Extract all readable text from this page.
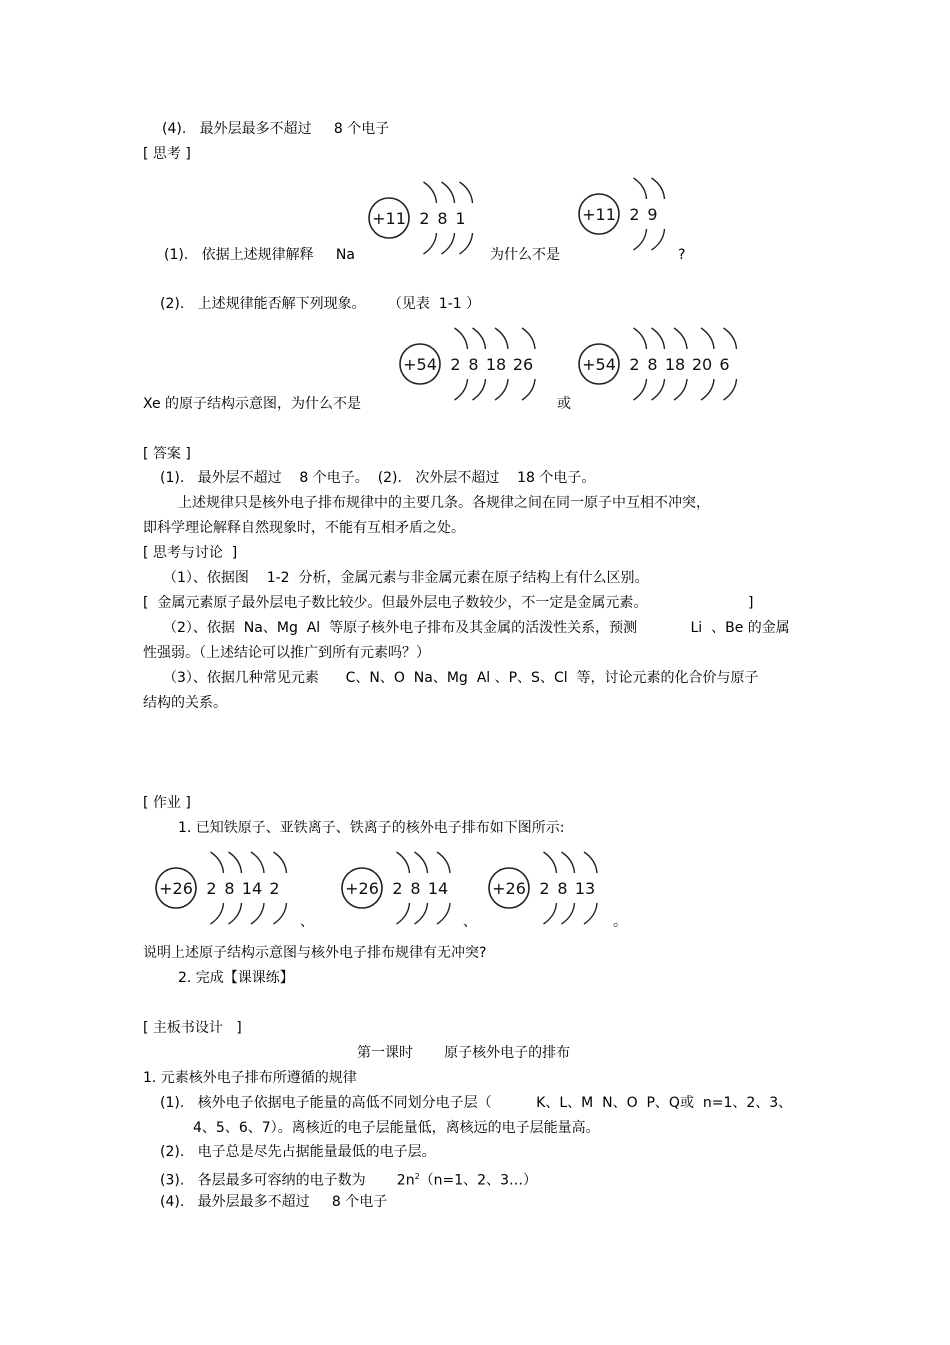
(4).   最外层最多不超过     8 个电子
[ 思考 ]
+11 2 8 1	+11 2 9
(1).   依据上述规律解释     Na	为什么不是	?
(2).   上述规律能否解下列现象。     （见表  1-1 ）
+54 2 8 18 26	+54 2 8 18 20 6
Xe 的原子结构示意图，为什么不是	或
[ 答案 ]
(1).   最外层不超过    8 个电子。  (2).   次外层不超过    18 个电子。
上述规律只是核外电子排布规律中的主要几条。各规律之间在同一原子中互相不冲突，
即科学理论解释自然现象时，不能有互相矛盾之处。
[ 思考与讨论  ]
（1）、依据图    1-2  分析，金属元素与非金属元素在原子结构上有什么区别。
[  金属元素原子最外层电子数比较少。但最外层电子数较少，不一定是金属元素。	]
（2）、依据  Na、Mg  Al  等原子核外电子排布及其金属的活泼性关系，预测            Li  、Be 的金属
性强弱。（上述结论可以推广到所有元素吗？）
（3）、依据几种常见元素      C、N、O  Na、Mg  Al 、P、S、Cl  等，讨论元素的化合价与原子
结构的关系。
[ 作业 ]
1. 已知铁原子、亚铁离子、铁离子的核外电子排布如下图所示:
+26 2 8 14 2
、
+26 2 8 14
、
+26 2 8 13
。
说明上述原子结构示意图与核外电子排布规律有无冲突?
2. 完成【课课练】
[ 主板书设计   ]
第一课时       原子核外电子的排布
1. 元素核外电子排布所遵循的规律
(1).   核外电子依据电子能量的高低不同划分电子层（          K、L、M  N、O  P、Q或  n=1、2、3、
4、5、6、7）。离核近的电子层能量低，离核远的电子层能量高。
(2).   电子总是尽先占据能量最低的电子层。
(3).   各层最多可容纳的电子数为       $2n^2(n=1$、2、3…）
(4).   最外层最多不超过     8 个电子
